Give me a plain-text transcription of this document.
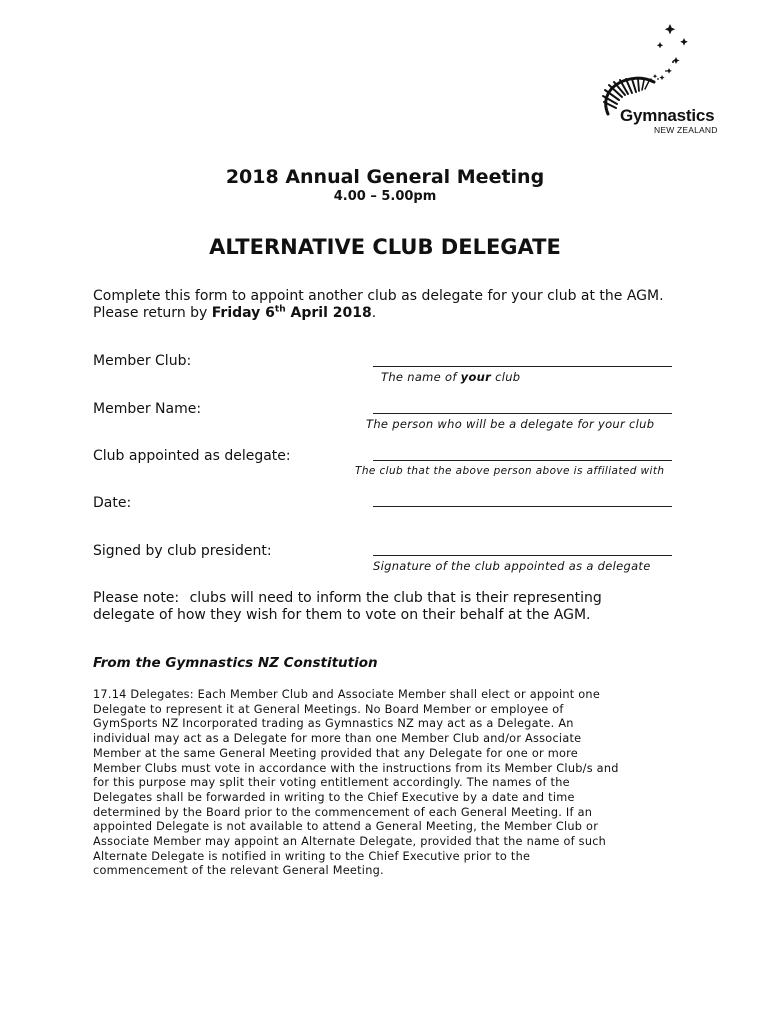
Gymnastics
NEW ZEALAND
2018 Annual General Meeting
4.00 – 5.00pm
ALTERNATIVE CLUB DELEGATE
Complete this form to appoint another club as delegate for your club at the AGM.
Please return by Friday 6th April 2018.
Member Club:
The name of your club
Member Name:
The person who will be a delegate for your club
Club appointed as delegate:
The club that the above person above is affiliated with
Date:
Signed by club president:
Signature of the club appointed as a delegate
Please note: clubs will need to inform the club that is their representing
delegate of how they wish for them to vote on their behalf at the AGM.
From the Gymnastics NZ Constitution
17.14 Delegates: Each Member Club and Associate Member shall elect or appoint one
Delegate to represent it at General Meetings. No Board Member or employee of
GymSports NZ Incorporated trading as Gymnastics NZ may act as a Delegate. An
individual may act as a Delegate for more than one Member Club and/or Associate
Member at the same General Meeting provided that any Delegate for one or more
Member Clubs must vote in accordance with the instructions from its Member Club/s and
for this purpose may split their voting entitlement accordingly. The names of the
Delegates shall be forwarded in writing to the Chief Executive by a date and time
determined by the Board prior to the commencement of each General Meeting. If an
appointed Delegate is not available to attend a General Meeting, the Member Club or
Associate Member may appoint an Alternate Delegate, provided that the name of such
Alternate Delegate is notified in writing to the Chief Executive prior to the
commencement of the relevant General Meeting.
